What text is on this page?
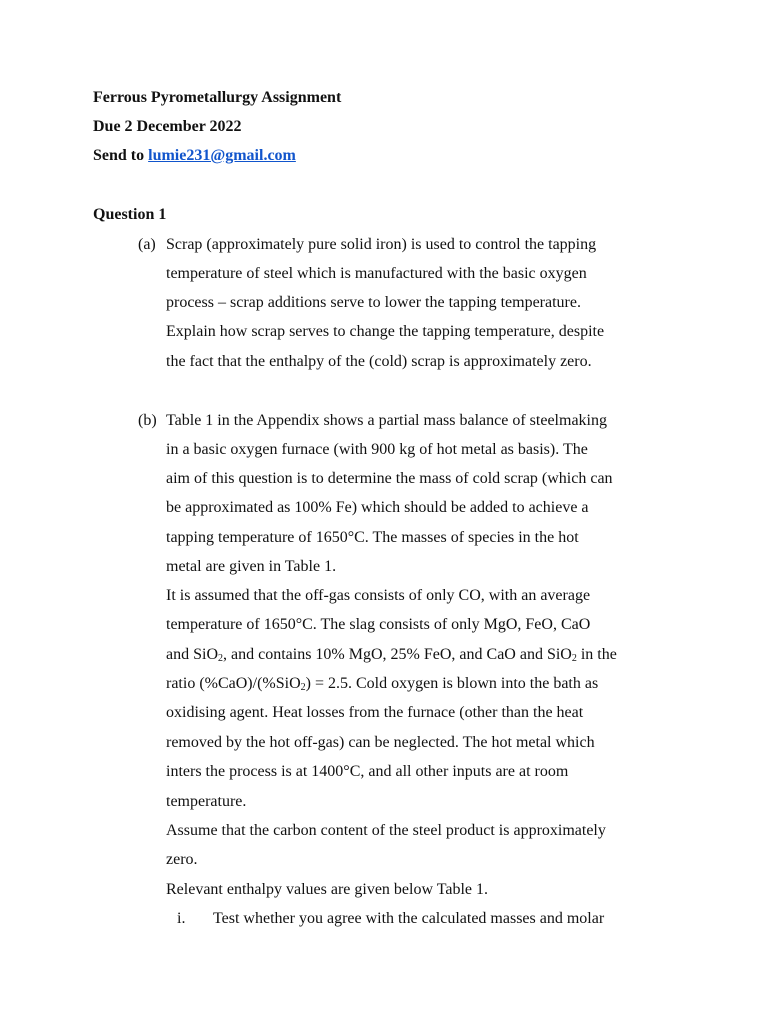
Ferrous Pyrometallurgy Assignment
Due 2 December 2022
Send to lumie231@gmail.com
Question 1
(a) Scrap (approximately pure solid iron) is used to control the tapping
temperature of steel which is manufactured with the basic oxygen
process – scrap additions serve to lower the tapping temperature.
Explain how scrap serves to change the tapping temperature, despite
the fact that the enthalpy of the (cold) scrap is approximately zero.
(b) Table 1 in the Appendix shows a partial mass balance of steelmaking
in a basic oxygen furnace (with 900 kg of hot metal as basis). The
aim of this question is to determine the mass of cold scrap (which can
be approximated as 100% Fe) which should be added to achieve a
tapping temperature of 1650°C. The masses of species in the hot
metal are given in Table 1.
It is assumed that the off-gas consists of only CO, with an average
temperature of 1650°C. The slag consists of only MgO, FeO, CaO
and SiO$_2$, and contains 10% MgO, 25% FeO, and CaO and SiO$_2$ in the
ratio (%CaO)/(%SiO$_2$) = 2.5. Cold oxygen is blown into the bath as
oxidising agent. Heat losses from the furnace (other than the heat
removed by the hot off-gas) can be neglected. The hot metal which
inters the process is at 1400°C, and all other inputs are at room
temperature.
Assume that the carbon content of the steel product is approximately
zero.
Relevant enthalpy values are given below Table 1.
i. Test whether you agree with the calculated masses and molar
